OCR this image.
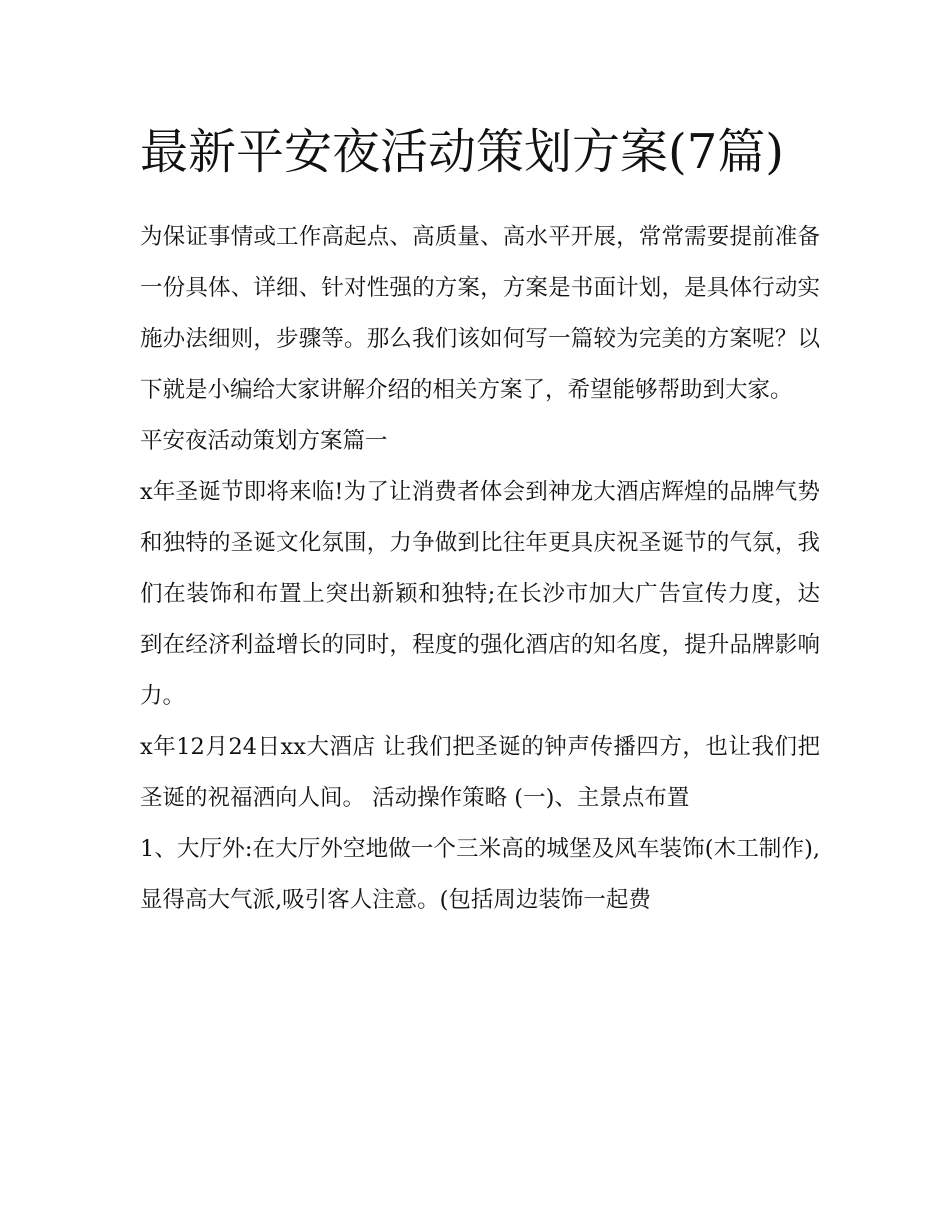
最新平安夜活动策划方案(7篇)

为保证事情或工作高起点、高质量、高水平开展，常常需要提前准备一份具体、详细、针对性强的方案，方案是书面计划，是具体行动实施办法细则，步骤等。那么我们该如何写一篇较为完美的方案呢？以下就是小编给大家讲解介绍的相关方案了，希望能够帮助到大家。

平安夜活动策划方案篇一

x年圣诞节即将来临!为了让消费者体会到神龙大酒店辉煌的品牌气势和独特的圣诞文化氛围，力争做到比往年更具庆祝圣诞节的气氛，我们在装饰和布置上突出新颖和独特;在长沙市加大广告宣传力度，达到在经济利益增长的同时，程度的强化酒店的知名度，提升品牌影响力。

x年12月24日xx大酒店 让我们把圣诞的钟声传播四方，也让我们把圣诞的祝福洒向人间。 活动操作策略 (一)、主景点布置

1、大厅外:在大厅外空地做一个三米高的城堡及风车装饰(木工制作),显得高大气派,吸引客人注意。(包括周边装饰一起费
